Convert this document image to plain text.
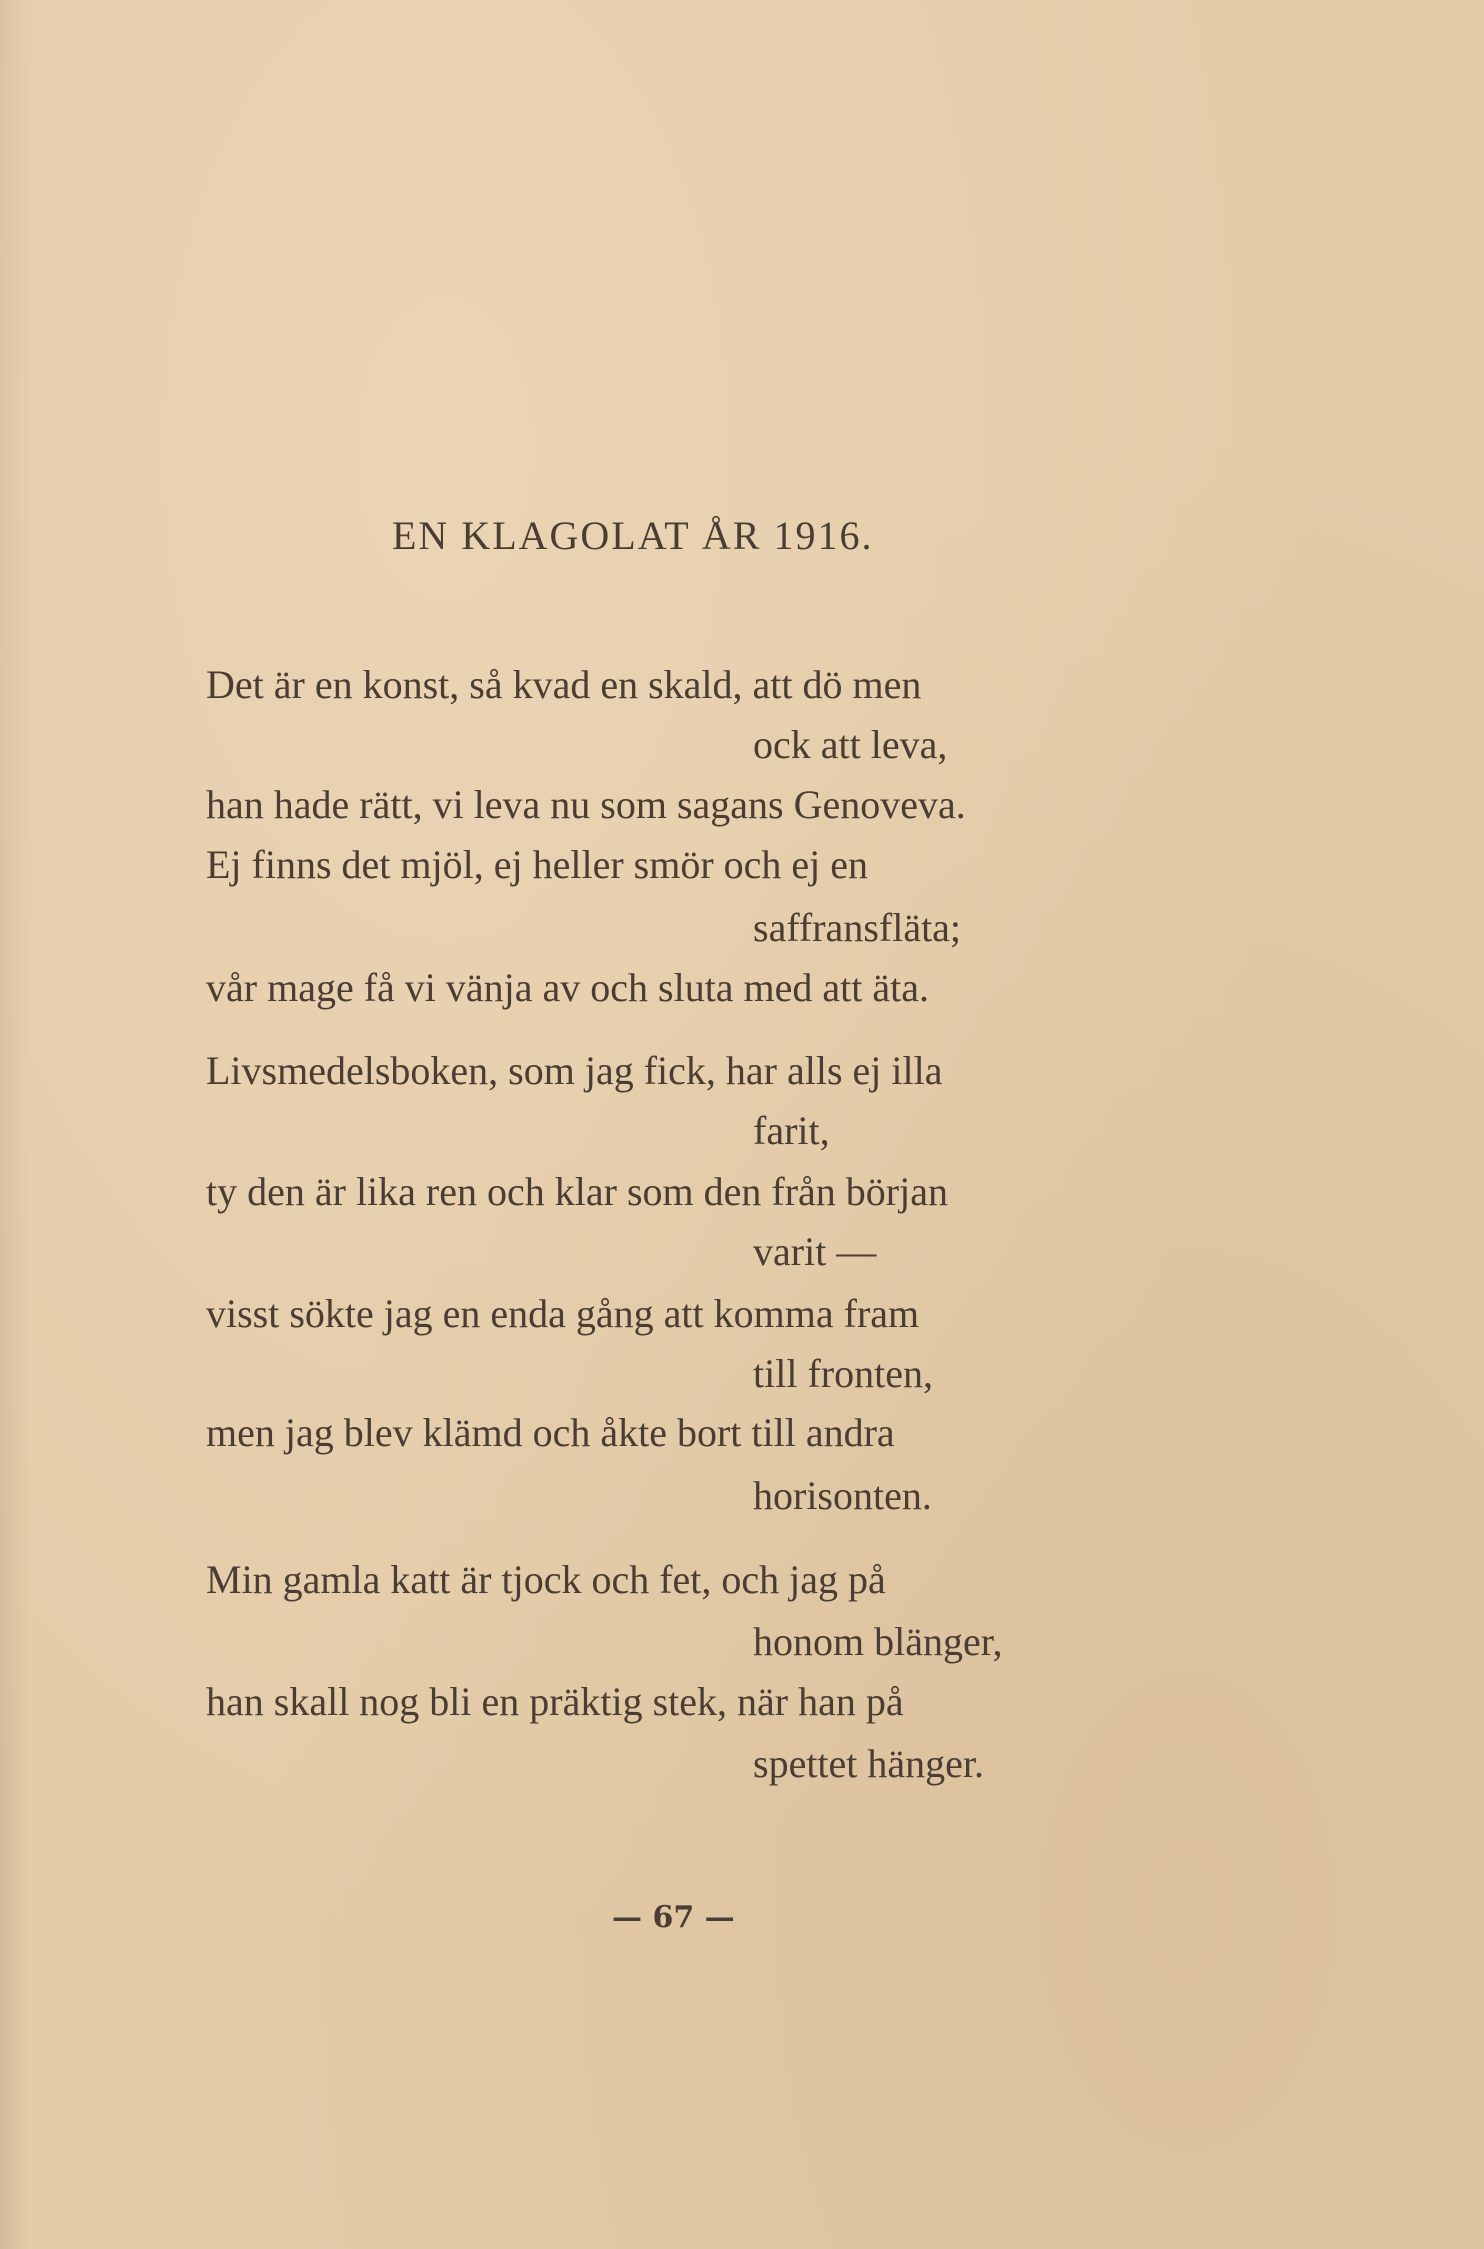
EN KLAGOLAT ÅR 1916.
Det är en konst, så kvad en skald, att dö men
ock att leva,
han hade rätt, vi leva nu som sagans Genoveva.
Ej finns det mjöl, ej heller smör och ej en
saffransfläta;
vår mage få vi vänja av och sluta med att äta.
Livsmedelsboken, som jag fick, har alls ej illa
farit,
ty den är lika ren och klar som den från början
varit —
visst sökte jag en enda gång att komma fram
till fronten,
men jag blev klämd och åkte bort till andra
horisonten.
Min gamla katt är tjock och fet, och jag på
honom blänger,
han skall nog bli en präktig stek, när han på
spettet hänger.
— 67 —
